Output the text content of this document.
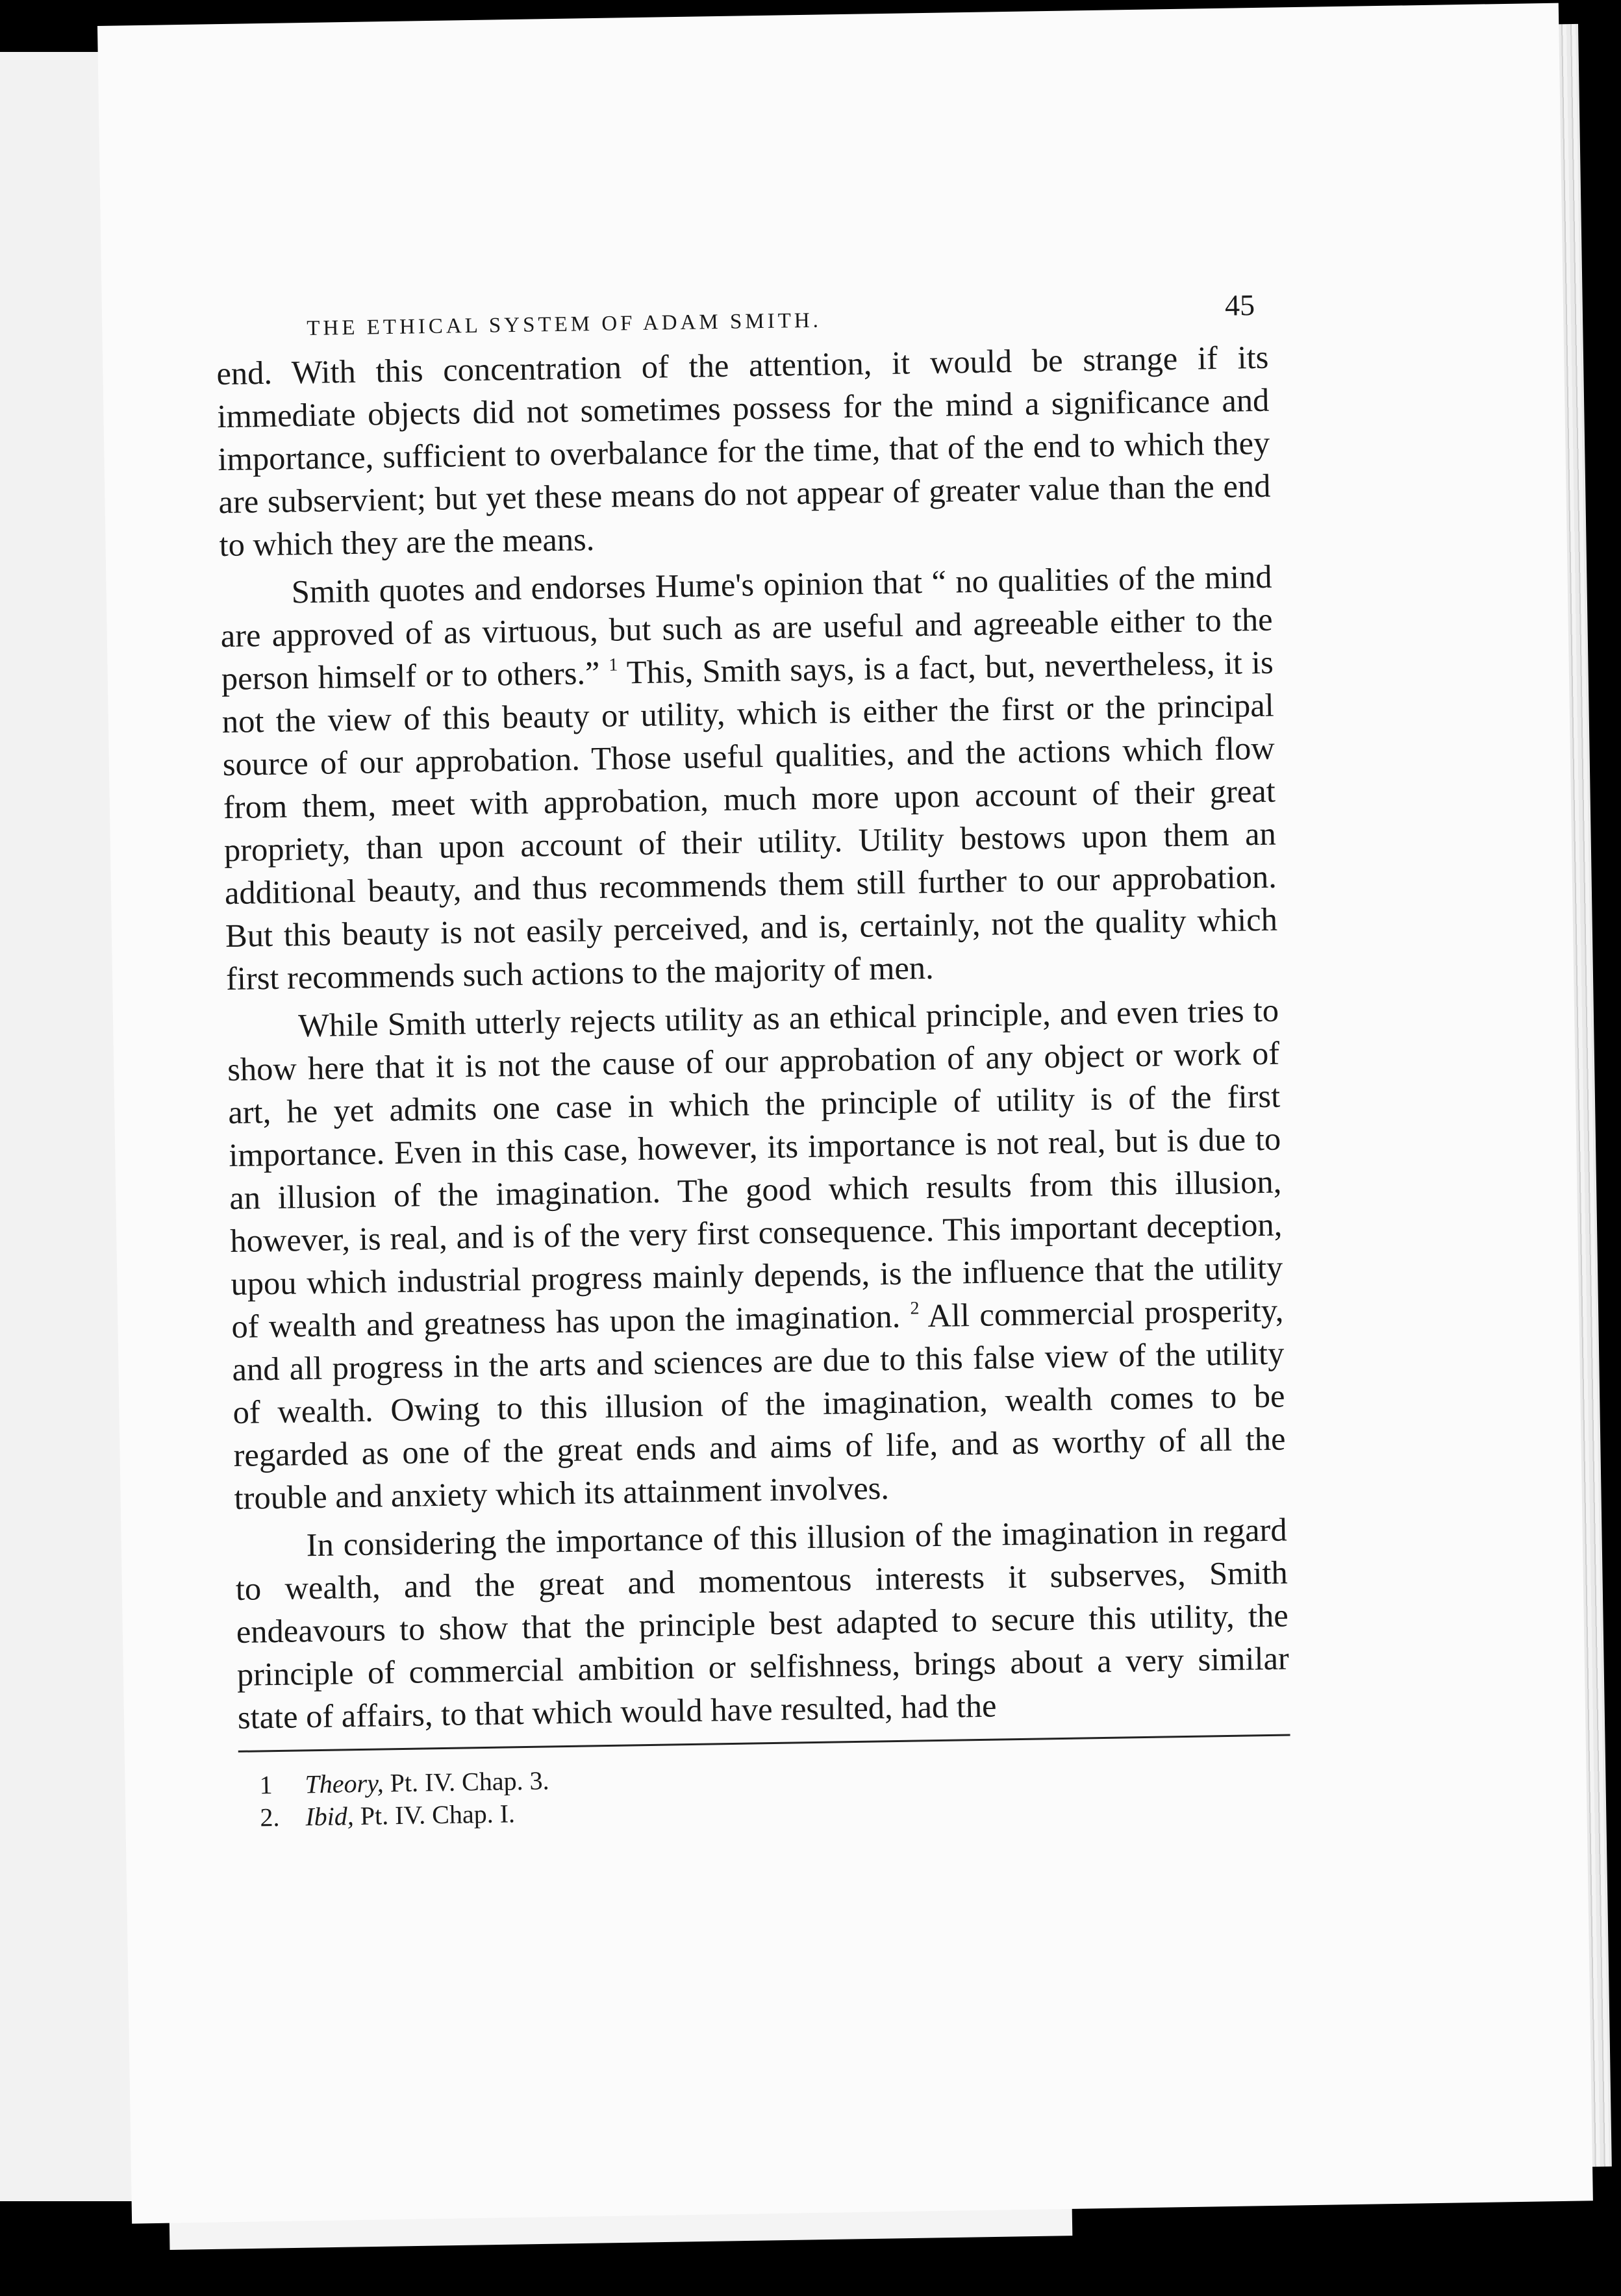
THE ETHICAL SYSTEM OF ADAM SMITH.
45

end. With this concentration of the attention, it would be strange if its immediate objects did not sometimes possess for the mind a significance and importance, sufficient to overbalance for the time, that of the end to which they are subservient; but yet these means do not appear of greater value than the end to which they are the means.

Smith quotes and endorses Hume's opinion that “ no qualities of the mind are approved of as virtuous, but such as are useful and agreeable either to the person himself or to others.” $^1$ This, Smith says, is a fact, but, nevertheless, it is not the view of this beauty or utility, which is either the first or the principal source of our approbation. Those useful qualities, and the actions which flow from them, meet with approbation, much more upon account of their great propriety, than upon account of their utility. Utility bestows upon them an additional beauty, and thus recommends them still further to our approbation. But this beauty is not easily perceived, and is, certainly, not the quality which first recommends such actions to the majority of men.

While Smith utterly rejects utility as an ethical principle, and even tries to show here that it is not the cause of our approbation of any object or work of art, he yet admits one case in which the principle of utility is of the first importance. Even in this case, however, its importance is not real, but is due to an illusion of the imagination. The good which results from this illusion, however, is real, and is of the very first consequence. This important deception, upou which industrial progress mainly depends, is the influence that the utility of wealth and greatness has upon the imagination. $^2$ All commercial prosperity, and all progress in the arts and sciences are due to this false view of the utility of wealth. Owing to this illusion of the imagination, wealth comes to be regarded as one of the great ends and aims of life, and as worthy of all the trouble and anxiety which its attainment involves.

In considering the importance of this illusion of the imagination in regard to wealth, and the great and momentous interests it subserves, Smith endeavours to show that the principle best adapted to secure this utility, the principle of commercial ambition or selfishness, brings about a very similar state of affairs, to that which would have resulted, had the

1 Theory, Pt. IV. Chap. 3.

2. Ibid, Pt. IV. Chap. I.
